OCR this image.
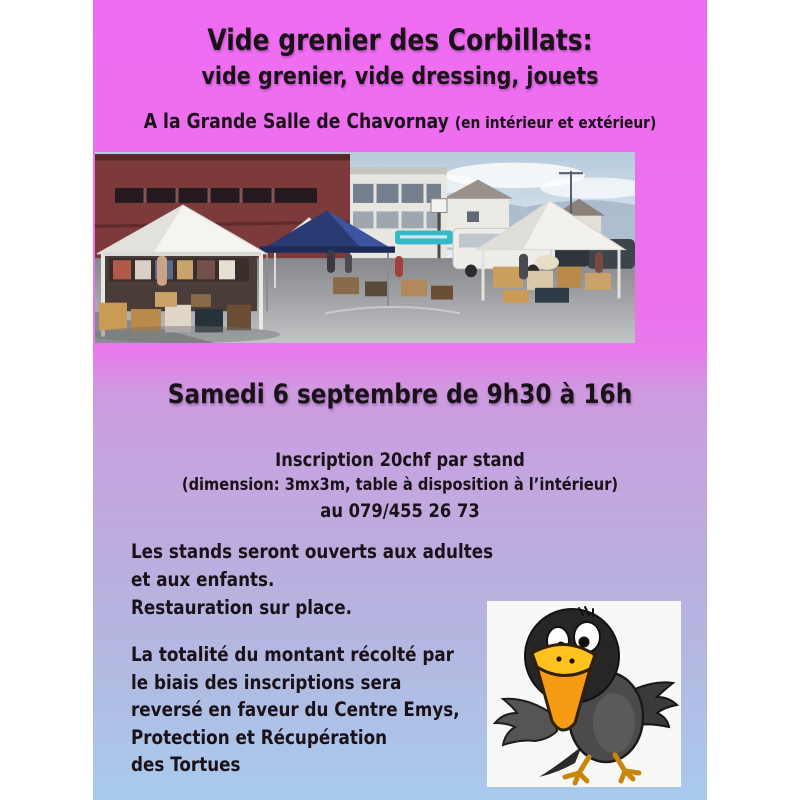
Vide grenier des Corbillats:
vide grenier, vide dressing, jouets
A la Grande Salle de Chavornay (en intérieur et extérieur)
Samedi 6 septembre de 9h30 à 16h
Inscription 20chf par stand
(dimension: 3mx3m, table à disposition à l’intérieur)
au 079/455 26 73
Les stands seront ouverts aux adultes
et aux enfants.
Restauration sur place.
La totalité du montant récolté par
le biais des inscriptions sera
reversé en faveur du Centre Emys,
Protection et Récupération
des Tortues
